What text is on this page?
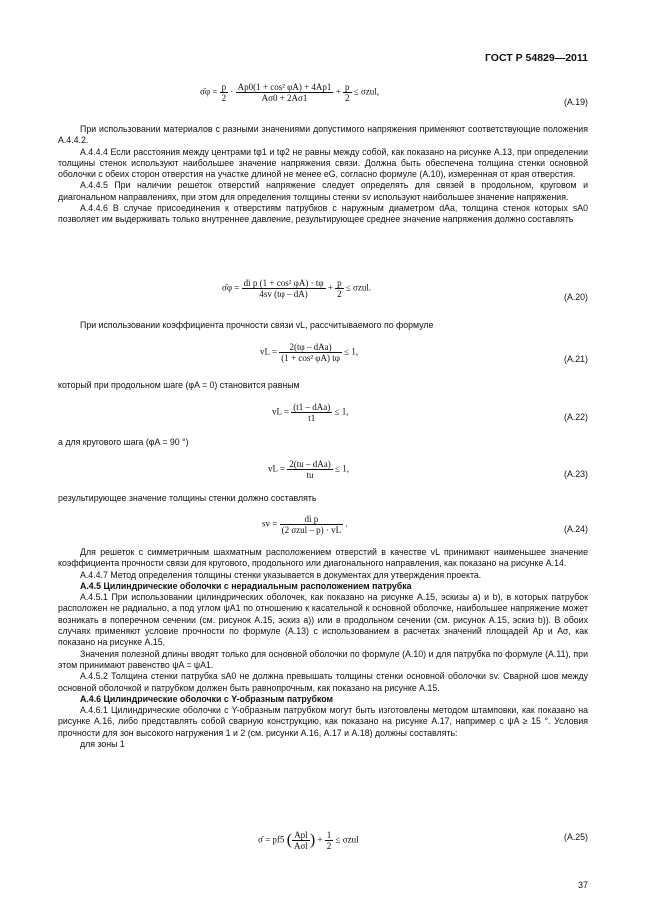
ГОСТ Р 54829—2011
σ̄φ = $\frac{p}{2} \cdot \frac{\text{Ap0(1 + cos² φA) + 4Ap1}}{A\sigma 0 + 2A\sigma 1} + \frac{p}{2} \le \sigma zul$,
(A.19)

При использовании материалов с разными значениями допустимого напряжения применяют соответствующие положения А.4.4.2.

А.4.4.4 Если расстояния между центрами tφ1 и tφ2 не равны между собой, как показано на рисунке А.13, при определении толщины стенок используют наибольшее значение напряжения связи. Должна быть обеспечена толщина стенки основной оболочки с обеих сторон отверстия на участке длиной не менее eG, согласно формуле (А.10), измеренная от края отверстия.

А.4.4.5 При наличии решеток отверстий напряжение следует определять для связей в продольном, круговом и диагональном направлениях, при этом для определения толщины стенки sv используют наибольшее значение напряжения.

А.4.4.6 В случае присоединения к отверстиям патрубков с наружным диаметром dAa, толщина стенок которых sA0 позволяет им выдерживать только внутреннее давление, результирующее среднее значение напряжения должно составлять

σ̄φ = $\frac{\text{di p (1 + cos² φA) · tφ}}{4sv (t\varphi - dA)} + \frac{p}{2} \le \sigma zul$.
(A.20)

При использовании коэффициента прочности связи vL, рассчитываемого по формуле

vL = $\frac{\text{2(tφ – dAa)}}{\text{(1 + cos² φA) tφ}} \le 1$,
(A.21)

который при продольном шаге (φA = 0) становится равным

vL = $\frac{\text{(t1 – dAa)}}{t1} \le 1$,
(A.22)

а для кругового шага (φA = 90 °)

vL = $\frac{\text{2(tu – dAa)}}{tu} \le 1$,
(A.23)

результирующее значение толщины стенки должно составлять

sv = $\frac{\text{di p}}{\text{(2 σzul – p) · vL}}$ .
(A.24)

Для решеток с симметричным шахматным расположением отверстий в качестве vL принимают наименьшее значение коэффициента прочности связи для кругового, продольного или диагонального направления, как показано на рисунке А.14.

А.4.4.7 Метод определения толщины стенки указывается в документах для утверждения проекта.

А.4.5 Цилиндрические оболочки с нерадиальным расположением патрубка

А.4.5.1 При использовании цилиндрических оболочек, как показано на рисунке А.15, эскизы а) и b), в которых патрубок расположен не радиально, а под углом ψA1 по отношению к касательной к основной оболочке, наибольшее напряжение может возникать в поперечном сечении (см. рисунок А.15, эскиз а)) или в продольном сечении (см. рисунок А.15, эскиз b)). В обоих случаях применяют условие прочности по формуле (А.13) с использованием в расчетах значений площадей Ap и Aσ, как показано на рисунке А.15.

Значения полезной длины вводят только для основной оболочки по формуле (А.10) и для патрубка по формуле (А.11), при этом принимают равенство ψA = ψA1.

А.4.5.2 Толщина стенки патрубка sA0 не должна превышать толщины стенки основной оболочки sv. Сварной шов между основной оболочкой и патрубком должен быть равнопрочным, как показано на рисунке А.15.

А.4.6 Цилиндрические оболочки с Y-образным патрубком

А.4.6.1 Цилиндрические оболочки с Y-образным патрубком могут быть изготовлены методом штамповки, как показано на рисунке А.16, либо представлять собой сварную конструкцию, как показано на рисунке А.17, например с ψA ≥ 15 °. Условия прочности для зон высокого нагружения 1 и 2 (см. рисунки А.16, А.17 и А.18) должны составлять:

для зоны 1

σ̄ = pf5 ( $\frac{\text{Apl}}{\text{Aσl}}$ ) + $\frac{1}{2} \le \sigma zul$	(A.25)
37
